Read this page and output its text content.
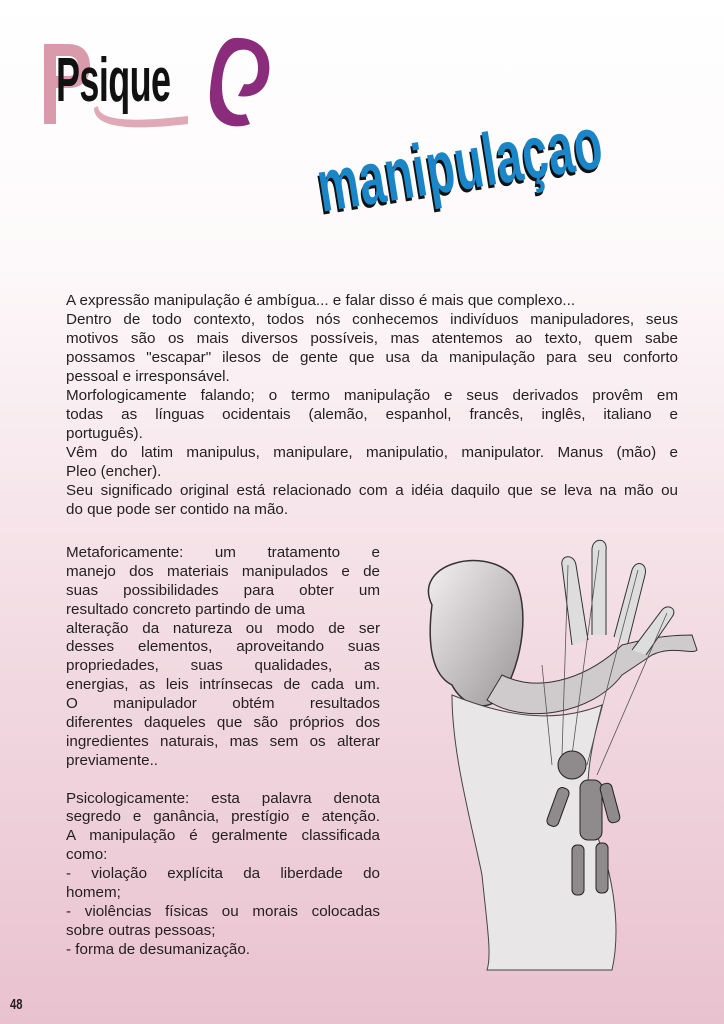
Psique
manipulaçao
A expressão manipulação é ambígua... e falar disso é mais que complexo...
Dentro de todo contexto, todos nós conhecemos indivíduos manipuladores, seus
motivos são os mais diversos possíveis, mas atentemos ao texto, quem sabe
possamos "escapar" ilesos de gente que usa da manipulação para seu conforto
pessoal e irresponsável.
Morfologicamente falando; o termo manipulação e seus derivados provêm em
todas as línguas ocidentais (alemão, espanhol, francês, inglês, italiano e
português).
Vêm do latim manipulus, manipulare, manipulatio, manipulator. Manus (mão) e
Pleo (encher).
Seu significado original está relacionado com a idéia daquilo que se leva na mão ou
do que pode ser contido na mão.
Metaforicamente: um tratamento e
manejo dos materiais manipulados e de
suas possibilidades para obter um
resultado concreto partindo de uma
alteração da natureza ou modo de ser
desses elementos, aproveitando suas
propriedades, suas qualidades, as
energias, as leis intrínsecas de cada um.
O manipulador obtém resultados
diferentes daqueles que são próprios dos
ingredientes naturais, mas sem os alterar
previamente..
Psicologicamente: esta palavra denota
segredo e ganância, prestígio e atenção.
A manipulação é geralmente classificada
como:
- violação explícita da liberdade do
homem;
- violências físicas ou morais colocadas
sobre outras pessoas;
- forma de desumanização.
48
